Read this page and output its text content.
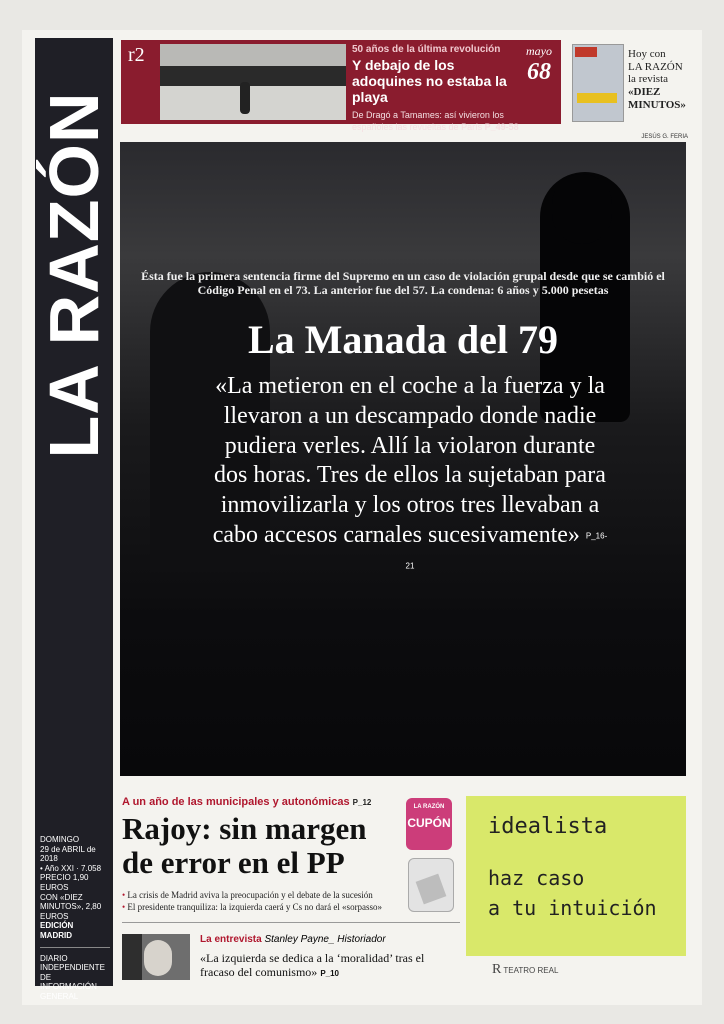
LA RAZÓN
DOMINGO
29 de ABRIL de 2018
• Año XXI · 7.058
PRECIO 1,90 EUROS
CON «DIEZ MINUTOS», 2,80 EUROS
EDICIÓN
MADRID
DIARIO INDEPENDIENTE DE INFORMACIÓN GENERAL
r2	50 años de la última revolución
Y debajo de los adoquines no estaba la playa
De Dragó a Tamames: así vivieron los españoles las revueltas de París P_49-58
mayo
68
Hoy con
LA RAZÓN
la revista
«DIEZ
MINUTOS»
JESÚS G. FERIA
Ésta fue la primera sentencia firme del Supremo en un caso de violación grupal desde que se cambió el Código Penal en el 73. La anterior fue del 57. La condena: 6 años y 5.000 pesetas
La Manada del 79
«La metieron en el coche a la fuerza y la llevaron a un descampado donde nadie pudiera verles. Allí la violaron durante dos horas. Tres de ellos la sujetaban para inmovilizarla y los otros tres llevaban a cabo accesos carnales sucesivamente» P_16-21
A un año de las municipales y autonómicas P_12
Rajoy: sin margen de error en el PP
• La crisis de Madrid aviva la preocupación y el debate de la sucesión
• El presidente tranquiliza: la izquierda caerá y Cs no dará el «sorpasso»
LA RAZÓN
CUPÓN idealista
haz caso
a tu intuición
La entrevista Stanley Payne_ Historiador
«La izquierda se dedica a la ‘moralidad’ tras el fracaso del comunismo» P_10	R TEATRO REAL
